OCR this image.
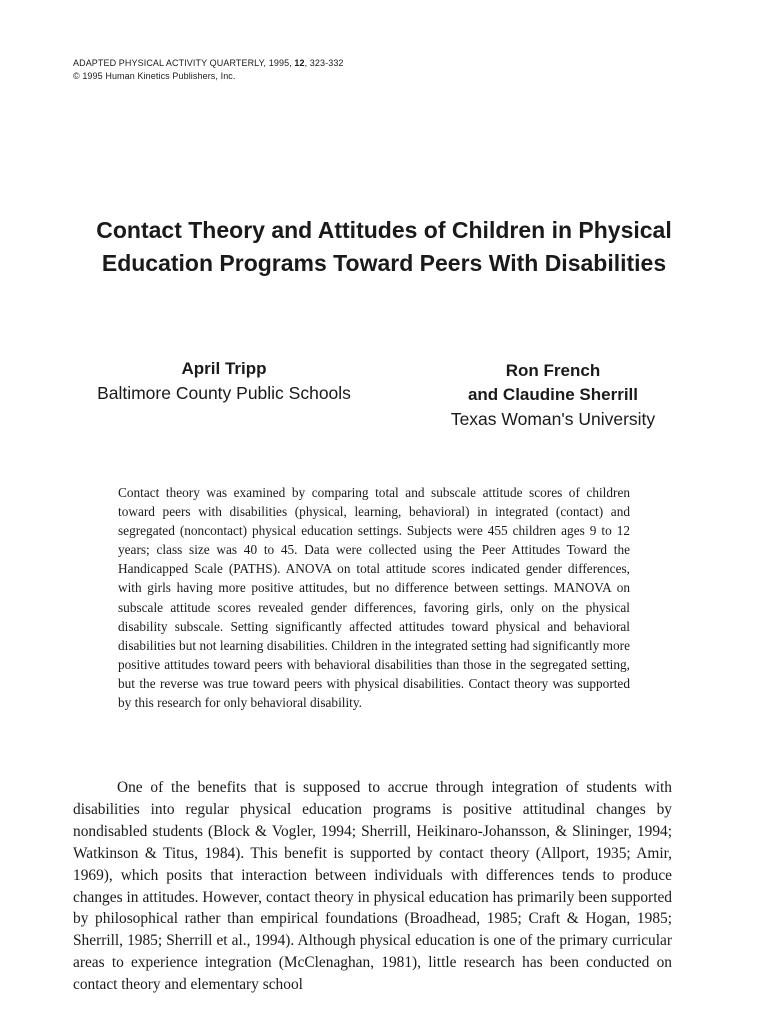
ADAPTED PHYSICAL ACTIVITY QUARTERLY, 1995, 12, 323-332
© 1995 Human Kinetics Publishers, Inc.
Contact Theory and Attitudes of Children in Physical Education Programs Toward Peers With Disabilities
April Tripp
Baltimore County Public Schools
Ron French
and Claudine Sherrill
Texas Woman's University
Contact theory was examined by comparing total and subscale attitude scores of children toward peers with disabilities (physical, learning, behavioral) in integrated (contact) and segregated (noncontact) physical education settings. Subjects were 455 children ages 9 to 12 years; class size was 40 to 45. Data were collected using the Peer Attitudes Toward the Handicapped Scale (PATHS). ANOVA on total attitude scores indicated gender differences, with girls having more positive attitudes, but no difference between settings. MANOVA on subscale attitude scores revealed gender differences, favoring girls, only on the physical disability subscale. Setting significantly affected attitudes toward physical and behavioral disabilities but not learning disabilities. Children in the integrated setting had significantly more positive attitudes toward peers with behavioral disabilities than those in the segregated setting, but the reverse was true toward peers with physical disabilities. Contact theory was supported by this research for only behavioral disability.
One of the benefits that is supposed to accrue through integration of students with disabilities into regular physical education programs is positive attitudinal changes by nondisabled students (Block & Vogler, 1994; Sherrill, Heikinaro-Johansson, & Slininger, 1994; Watkinson & Titus, 1984). This benefit is supported by contact theory (Allport, 1935; Amir, 1969), which posits that interaction between individuals with differences tends to produce changes in attitudes. However, contact theory in physical education has primarily been supported by philosophical rather than empirical foundations (Broadhead, 1985; Craft & Hogan, 1985; Sherrill, 1985; Sherrill et al., 1994). Although physical education is one of the primary curricular areas to experience integration (McClenaghan, 1981), little research has been conducted on contact theory and elementary school
